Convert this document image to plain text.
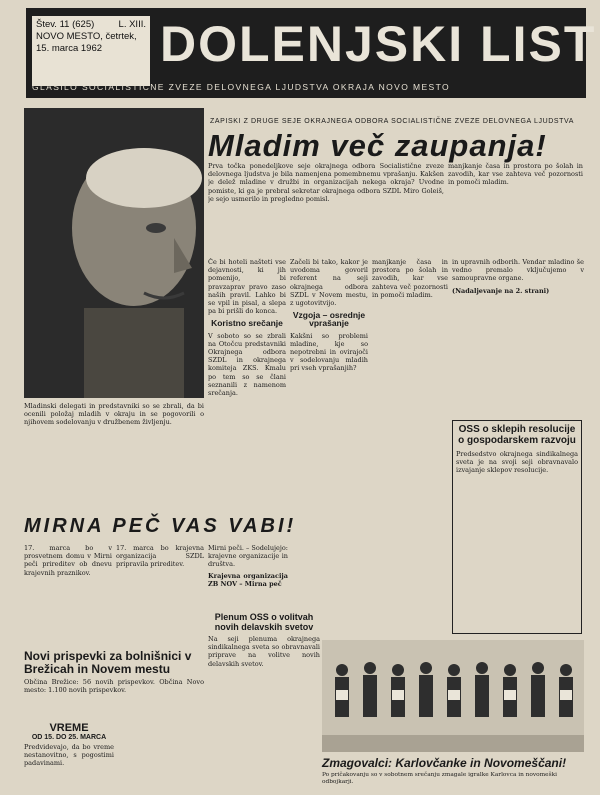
Štev. 11 (625)	L. XIII.
NOVO MESTO, četrtek,
15. marca 1962	DOLENJSKI LIST
GLASILO SOCIALISTIČNE ZVEZE DELOVNEGA LJUDSTVA OKRAJA NOVO MESTO
Mladinski delegati in predstavniki so se zbrali, da bi ocenili položaj mladih v okraju in se pogovorili o njihovem sodelovanju v družbenem življenju.
ZAPISKI Z DRUGE SEJE OKRAJNEGA ODBORA SOCIALISTIČNE ZVEZE DELOVNEGA LJUDSTVA
Mladim več zaupanja!
Prva točka ponedeljkove seje okrajnega odbora Socialistične zveze delovnega ljudstva je bila namenjena pomembnemu vprašanju. Kakšen je delež mladine v družbi in organizacijah nekega okraja? Uvodne pomiste, ki ga je prebral sekretar okrajnega odbora SZDL Miro Goleiš, je sejo usmerilo in pregledno pomisl.
manjkanje časa in prostora po šolah in zavodih, kar vse zahteva več pozornosti in pomoči mladim.
Če bi hoteli našteti vse dejavnosti, ki jih pomenijo, bi pravzaprav pravo zaso naših pravil. Lahko bi se vpil in pisal, a slepa pa bi prišli do konca.
Koristno srečanje
V soboto so se zbrali na Otočcu predstavniki Okrajnega odbora SZDL in okrajnega komiteja ZKS. Kmalu po tem so se člani seznanili z namenom srečanja.
Začeli bi tako, kakor je uvodoma govoril referent na seji okrajnega odbora SZDL v Novem mestu, z ugotovitvijo.
Vzgoja – osrednje vprašanje
Kakšni so problemi mladine, kje so nepotrebni in ovirajoči v sodelovanju mladih pri vseh vprašanjih?
manjkanje časa in prostora po šolah in zavodih, kar vse zahteva več pozornosti in pomoči mladim.
in upravnih odborih. Vendar mladino še vedno premalo vključujemo v samoupravne organe.
(Nadaljevanje na 2. strani)
OSS o ​​sklepih resolucije o gospodarskem razvoju
Predsedstvo okrajnega sindikalnega sveta je na svoji seji obravnavalo izvajanje sklepov resolucije.
MIRNA PEČ VAS VABI!
17. marca bo v prosvetnem domu v Mirni peči prireditev ob dnevu krajevnih praznikov.
17. marca bo krajevna organizacija SZDL pripravila prireditev.
Mirni peči. – Sodelujejo: krajevne organizacije in društva.
Krajevna organizacija ZB NOV – Mirna peč
Plenum OSS o volitvah novih delavskih svetov
Na seji plenuma okrajnega sindikalnega sveta so obravnavali priprave na volitve novih delavskih svetov.
Novi prispevki za bolnišnici v Brežicah in Novem mestu
Občina Brežice: 56 novih prispevkov. Občina Novo mesto: 1.100 novih prispevkov.
VREME
OD 15. DO 25. MARCA
Predvidevajo, da bo vreme nestanovitno, s pogostimi padavinami.	Zmagovalci: Karlovčanke in Novomeščani!
Po pričakovanju so v sobotnem srečanju zmagale igralke Karlovca in novomeški odbojkarji.
